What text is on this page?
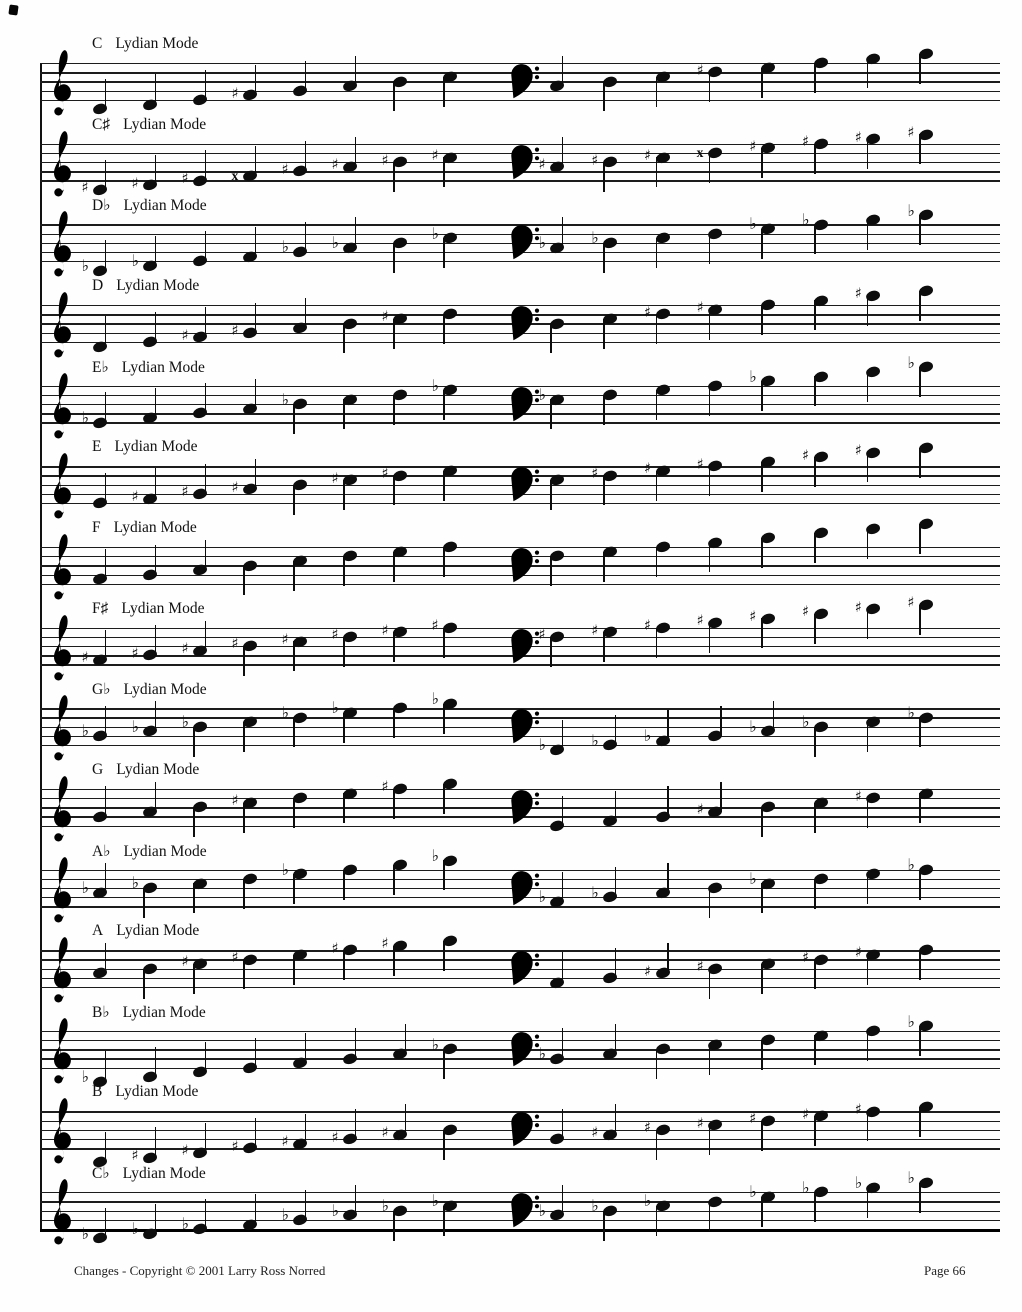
C Lydian Mode
♯
♯
C♯ Lydian Mode
♯
♯
♯
♯
♯
♯
x
x
♯
♯
♯
♯
♯
♯
♯
♯
D♭ Lydian Mode
♭
♭
♭
♭
♭
♭
♭
♭
♭
♭
D Lydian Mode
♯
♯
♯
♯
♯
♯
E♭ Lydian Mode
♭
♭
♭
♭
♭
♭
E Lydian Mode
♯
♯
♯
♯
♯
♯
♯
♯
♯
♯
F Lydian Mode
F♯ Lydian Mode
♯
♯
♯
♯
♯
♯
♯
♯
♯
♯
♯
♯
♯
♯
♯
♯
G♭ Lydian Mode
♭
♭
♭
♭
♭
♭
♭
♭
♭
♭
♭
♭
G Lydian Mode
♯
♯
♯
♯
A♭ Lydian Mode
♭	♭
♭	♭
♭	♭
♭	♭
A Lydian Mode
♯
♯
♯
♯
♯
♯
♯
♯
B♭ Lydian Mode
♭
♭
♭
♭
B Lydian Mode
♯
♯
♯
♯
♯
♯
♯
♯
♯
♯
♯
♯
C♭ Lydian Mode
♭
♭
♭
♭
♭
♭
♭
♭
♭
♭
♭
♭
♭
♭
Changes - Copyright © 2001 Larry Ross Norred	Page 66
